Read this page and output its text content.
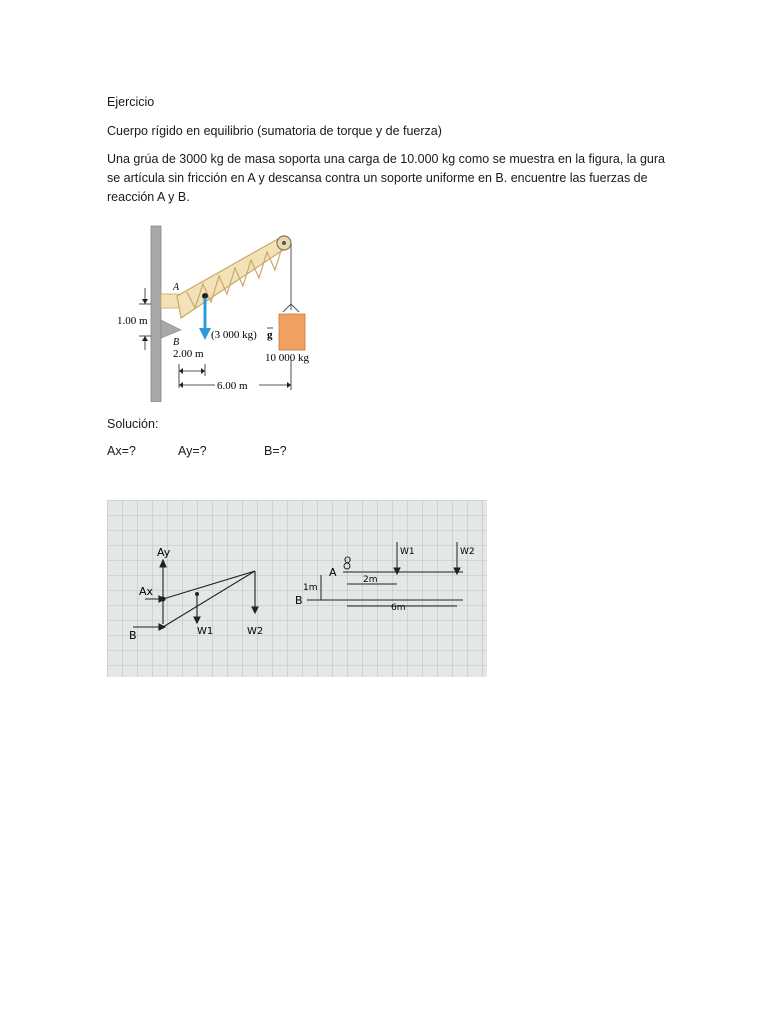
Ejercicio
Cuerpo rígido en equilibrio (sumatoria de torque y de fuerza)
Una grúa de 3000 kg de masa soporta una carga de 10.000 kg como se muestra en la figura, la gura se artícula sin fricción en A y descansa contra un soporte uniforme en B. encuentre las fuerzas de reacción A y B.
A
B
1.00 m
(3 000 kg) g
2.00 m
6.00 m
10 000 kg
Solución:
Ax=?	Ay=?	B=?
Ay
Ax
B	W1	W2
1m
A
O
2m
B
6m
W1	W2
